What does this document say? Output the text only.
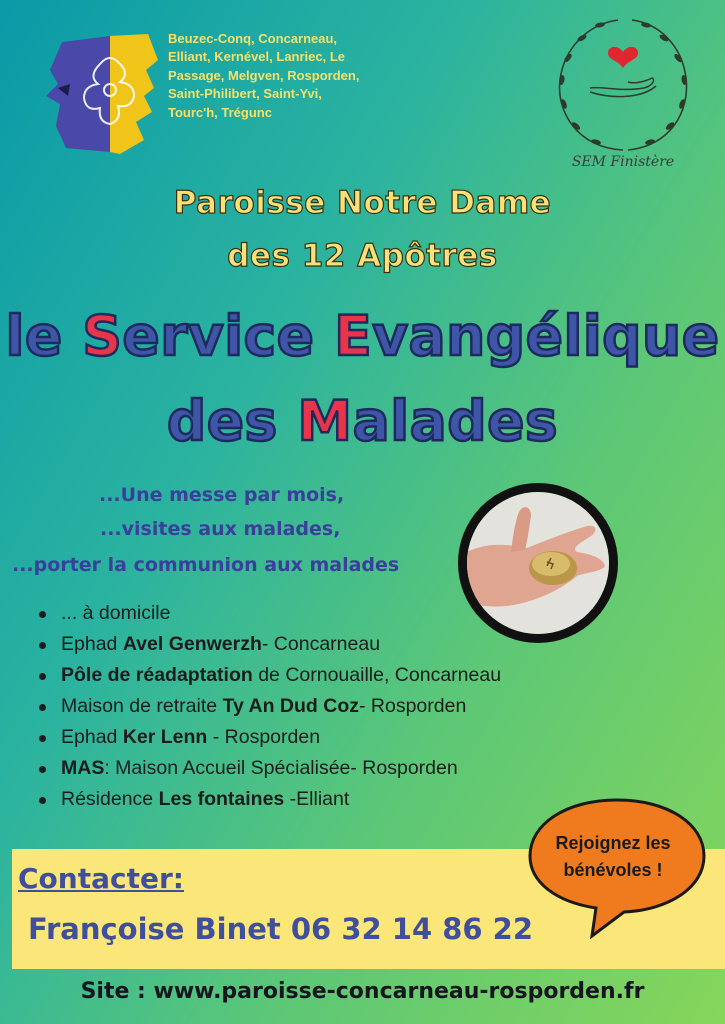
Beuzec-Conq, Concarneau, Elliant, Kernével, Lanriec, Le Passage, Melgven, Rosporden, Saint-Philibert, Saint-Yvi, Tourc'h, Trégunc
SEM Finistère
Paroisse Notre Dame
des 12 Apôtres
le Service Evangélique
des Malades
...Une messe par mois,
...visites aux malades,
...porter la communion aux malades
... à domicile
Ephad Avel Genwerzh- Concarneau
Pôle de réadaptation de Cornouaille, Concarneau
Maison de retraite Ty An Dud Coz- Rosporden
Ephad Ker Lenn - Rosporden
MAS: Maison Accueil Spécialisée- Rosporden
Résidence Les fontaines -Elliant
Contacter:
Françoise Binet 06 32 14 86 22
Rejoignez les
bénévoles !
Site : www.paroisse-concarneau-rosporden.fr
